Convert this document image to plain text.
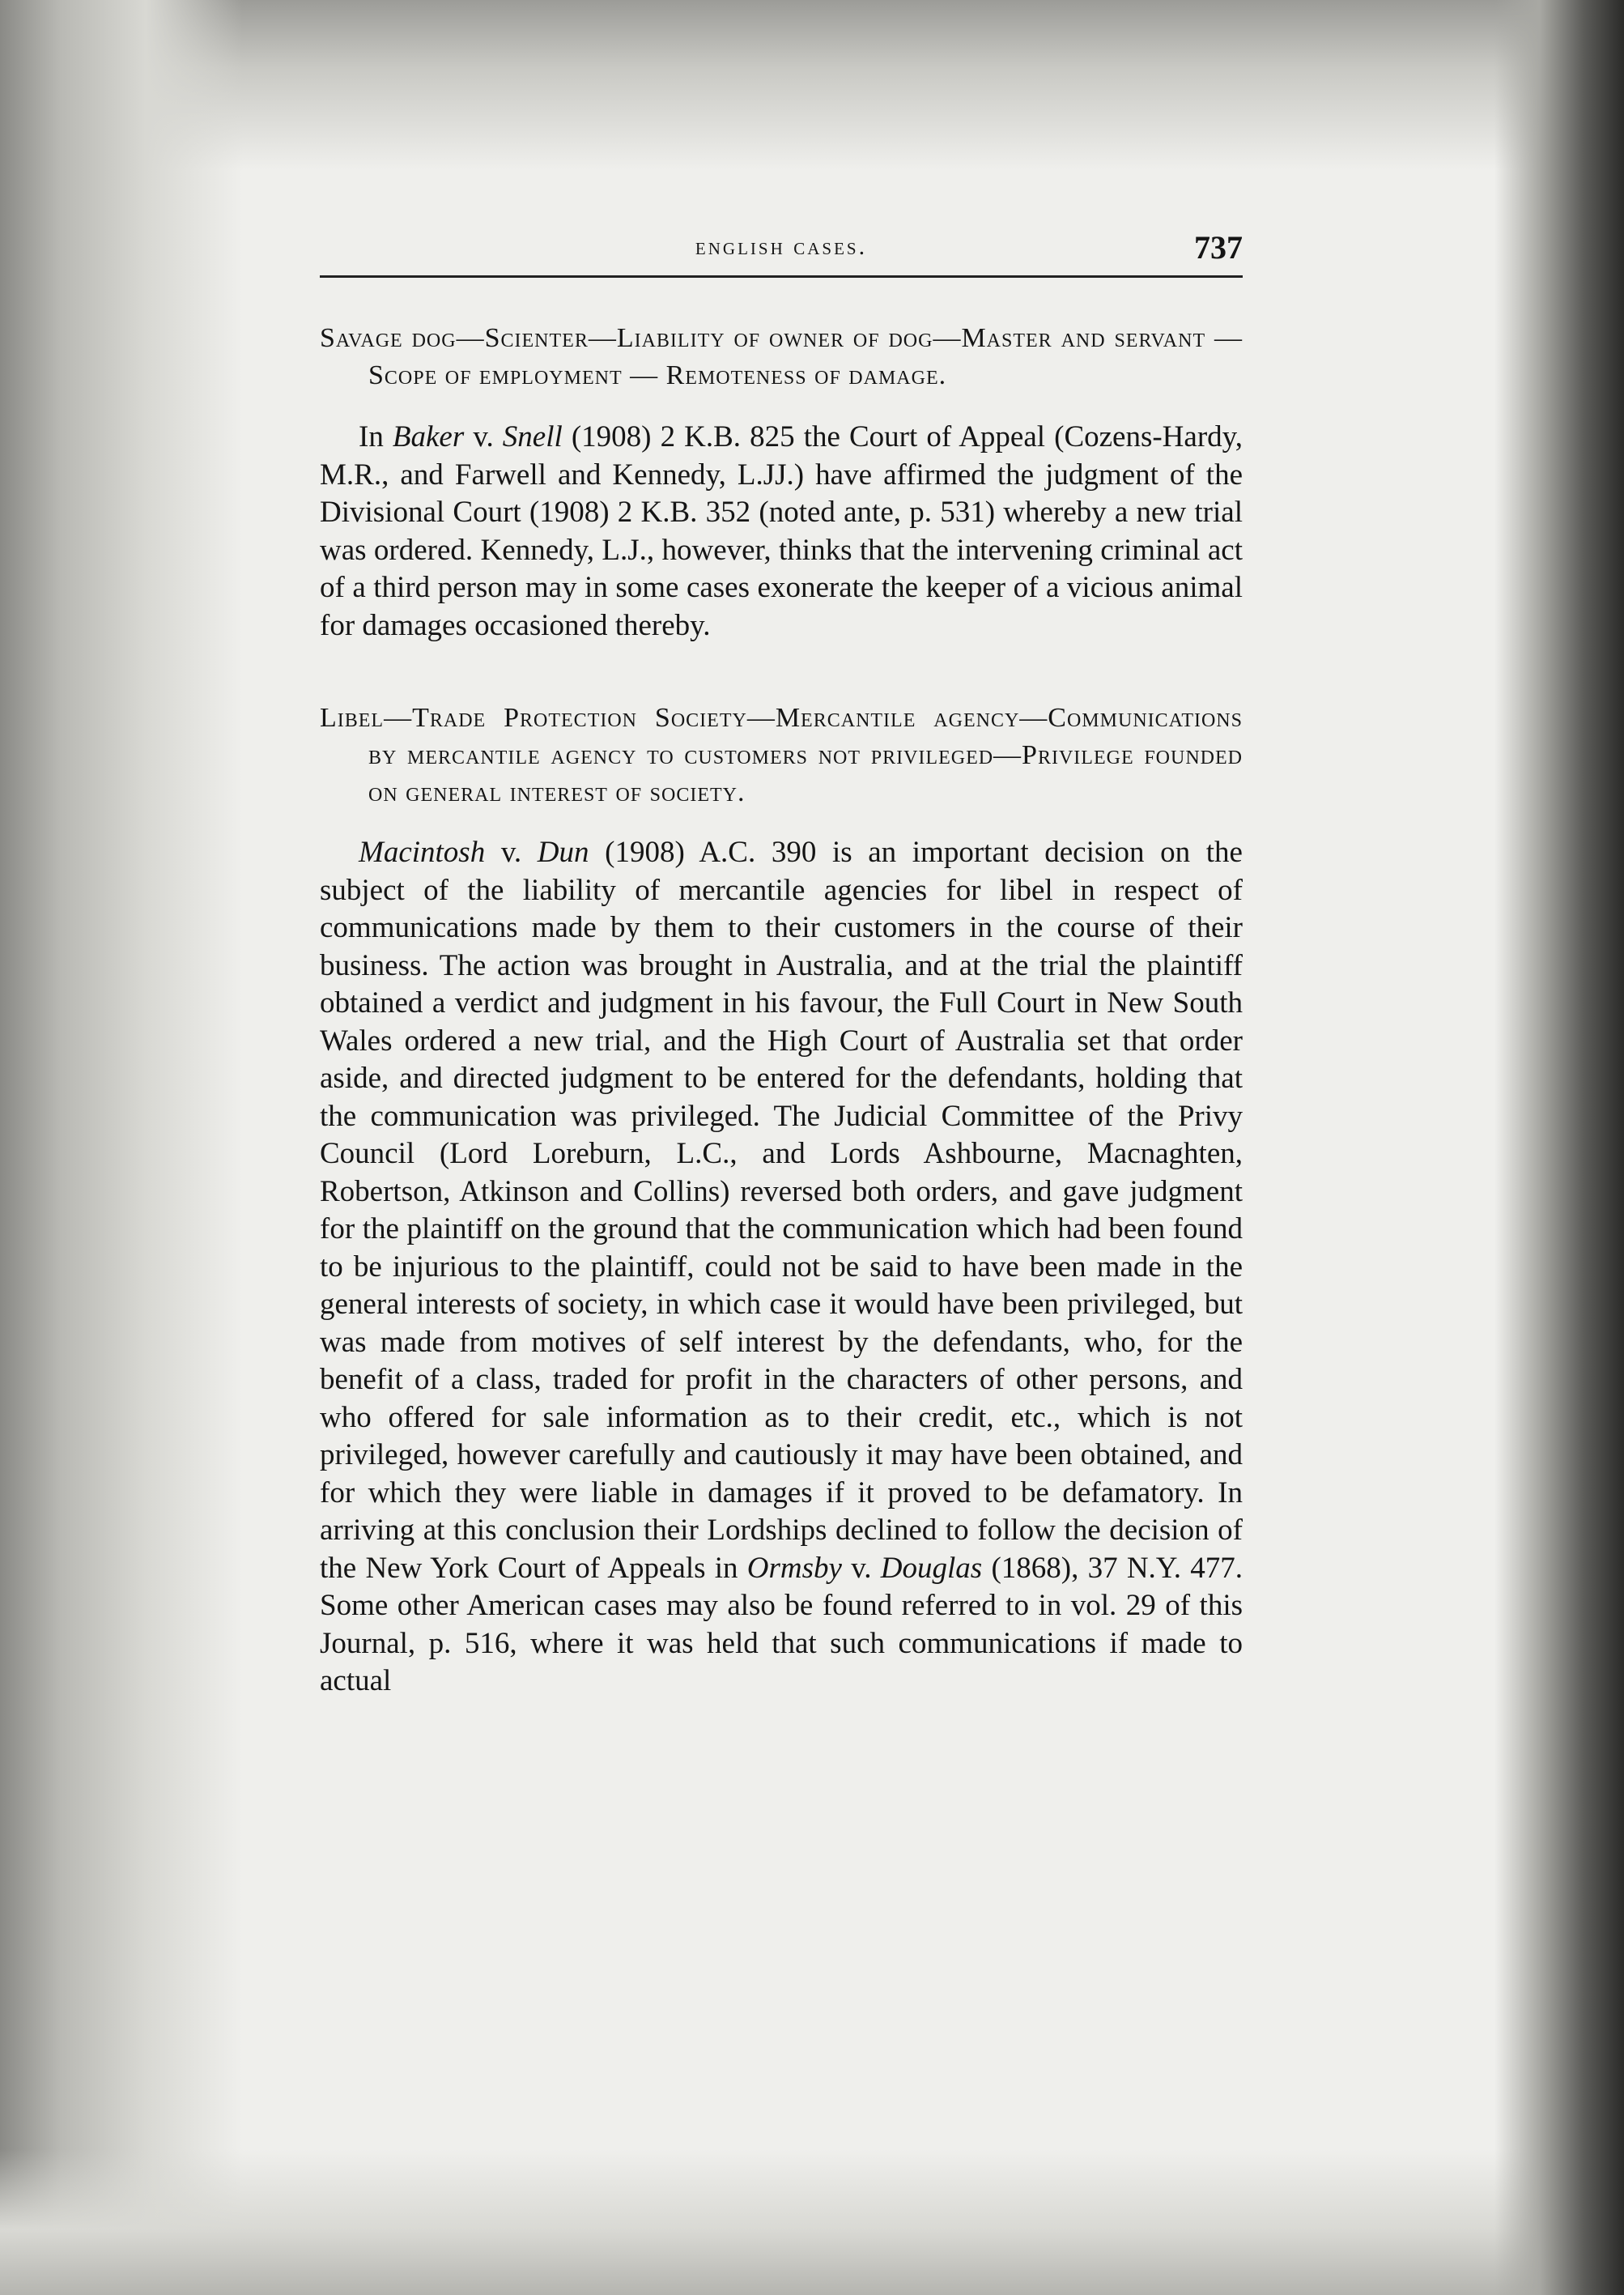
english cases.	737

Savage dog—Scienter—Liability of owner of dog—Master and servant — Scope of employment — Remoteness of damage.

In Baker v. Snell (1908) 2 K.B. 825 the Court of Appeal (Cozens-Hardy, M.R., and Farwell and Kennedy, L.JJ.) have affirmed the judgment of the Divisional Court (1908) 2 K.B. 352 (noted ante, p. 531) whereby a new trial was ordered. Kennedy, L.J., however, thinks that the intervening criminal act of a third person may in some cases exonerate the keeper of a vicious animal for damages occasioned thereby.

Libel—Trade Protection Society—Mercantile agency—Communications by mercantile agency to customers not privileged—Privilege founded on general interest of society.

Macintosh v. Dun (1908) A.C. 390 is an important decision on the subject of the liability of mercantile agencies for libel in respect of communications made by them to their customers in the course of their business. The action was brought in Australia, and at the trial the plaintiff obtained a verdict and judgment in his favour, the Full Court in New South Wales ordered a new trial, and the High Court of Australia set that order aside, and directed judgment to be entered for the defendants, holding that the communication was privileged. The Judicial Committee of the Privy Council (Lord Loreburn, L.C., and Lords Ashbourne, Macnaghten, Robertson, Atkinson and Collins) reversed both orders, and gave judgment for the plaintiff on the ground that the communication which had been found to be injurious to the plaintiff, could not be said to have been made in the general interests of society, in which case it would have been privileged, but was made from motives of self interest by the defendants, who, for the benefit of a class, traded for profit in the characters of other persons, and who offered for sale information as to their credit, etc., which is not privileged, however carefully and cautiously it may have been obtained, and for which they were liable in damages if it proved to be defamatory. In arriving at this conclusion their Lordships declined to follow the decision of the New York Court of Appeals in Ormsby v. Douglas (1868), 37 N.Y. 477. Some other American cases may also be found referred to in vol. 29 of this Journal, p. 516, where it was held that such communications if made to actual
